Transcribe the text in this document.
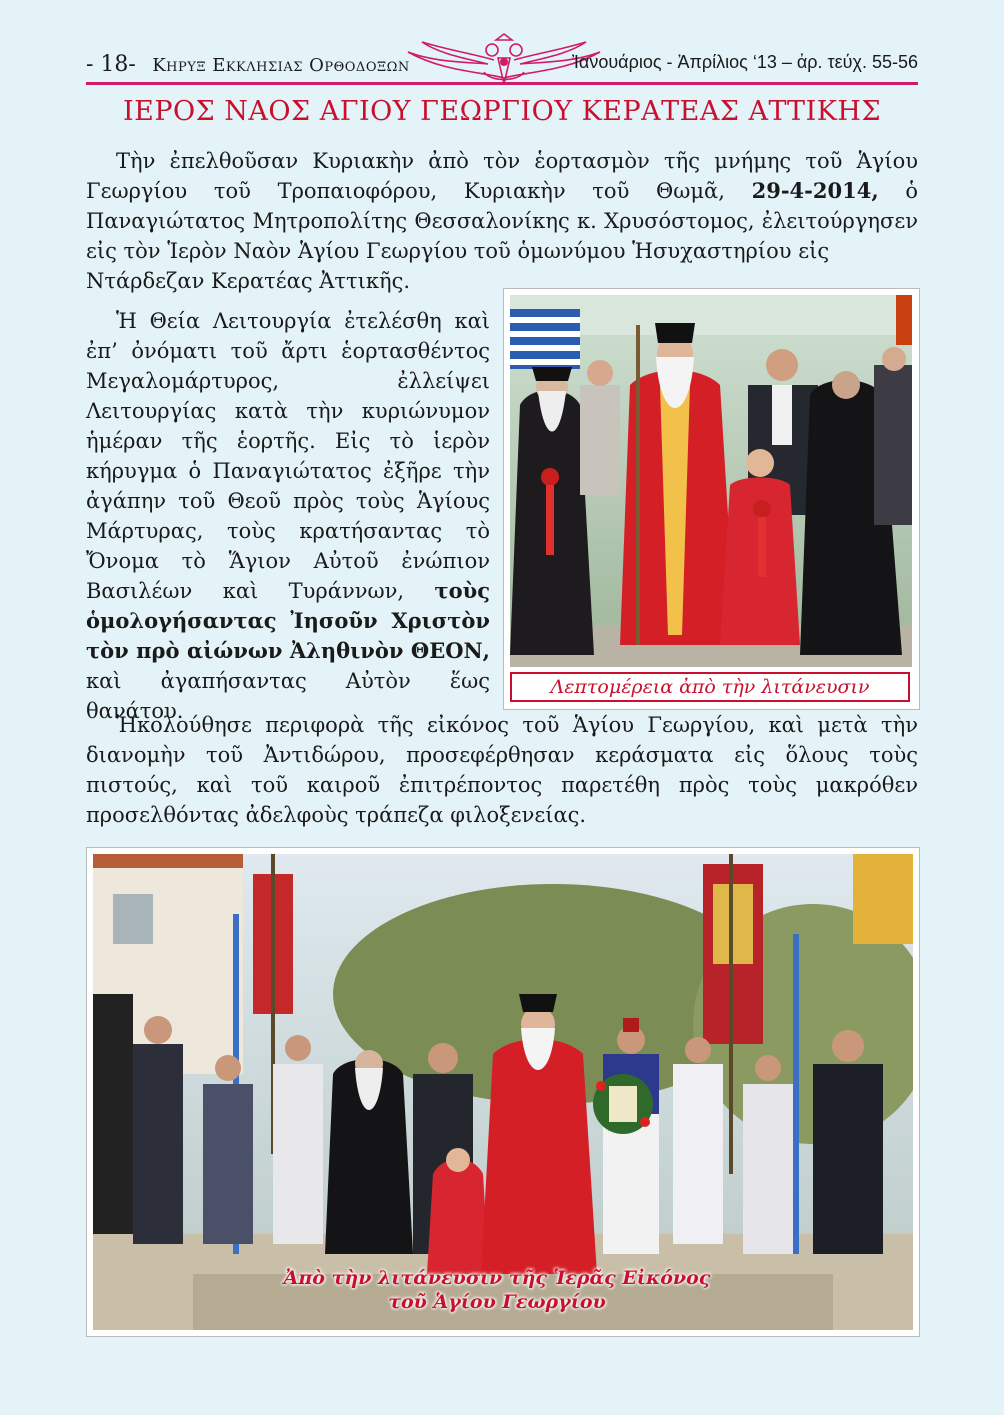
- 18- Κηρυξ Εκκλησιας Ορθοδοξων	Ἰανουάριος - Ἀπρίλιος ‘13 – ἀρ. τεύχ. 55-56
ΙΕΡΟΣ ΝΑΟΣ ΑΓΙΟΥ ΓΕΩΡΓΙΟΥ ΚΕΡΑΤΕΑΣ ΑΤΤΙΚΗΣ
Τὴν ἐπελθοῦσαν Κυριακὴν ἀπὸ τὸν ἑορτασμὸν τῆς μνήμης τοῦ Ἁγίου Γεωργίου τοῦ Τροπαιοφόρου, Κυριακὴν τοῦ Θωμᾶ, 29-4-2014, ὁ Παναγιώτατος Μητροπολίτης Θεσσαλονίκης κ. Χρυσόστομος, ἐλειτούργησεν εἰς τὸν Ἱερὸν Ναὸν Ἁγίου Γεωργίου τοῦ ὁμωνύμου Ἡσυχαστηρίου εἰς
Ντάρδεζαν Κερατέας Ἀττικῆς.
Ἡ Θεία Λειτουργία ἐτελέσθη καὶ ἐπ’ ὀνόματι τοῦ ἄρτι ἑορτασθέντος Μεγαλομάρτυρος, ἐλλείψει Λειτουργίας κατὰ τὴν κυριώνυμον ἡμέραν τῆς ἑορτῆς. Εἰς τὸ ἱερὸν κήρυγμα ὁ Παναγιώτατος ἐξῆρε τὴν ἀγάπην τοῦ Θεοῦ πρὸς τοὺς Ἁγίους Μάρτυρας, τοὺς κρατήσαντας τὸ Ὄνομα τὸ Ἅγιον Αὐτοῦ ἐνώπιον Βασιλέων καὶ Τυράννων, τοὺς ὁμολογήσαντας Ἰησοῦν Χριστὸν τὸν πρὸ αἰώνων Ἀληθινὸν ΘΕΟΝ, καὶ ἀγαπήσαντας Αὐτὸν ἕως θανάτου.
Λεπτομέρεια ἀπὸ τὴν λιτάνευσιν
Ἠκολούθησε περιφορὰ τῆς εἰκόνος τοῦ Ἁγίου Γεωργίου, καὶ μετὰ τὴν διανομὴν τοῦ Ἀντιδώρου, προσεφέρθησαν κεράσματα εἰς ὅλους τοὺς πιστούς, καὶ τοῦ καιροῦ ἐπιτρέποντος παρετέθη πρὸς τοὺς μακρόθεν προσελθόντας ἀδελφοὺς τράπεζα φιλοξενείας.
Ἀπὸ τὴν λιτάνευσιν τῆς Ἱερᾶς Εἰκόνος
τοῦ Ἁγίου Γεωργίου
